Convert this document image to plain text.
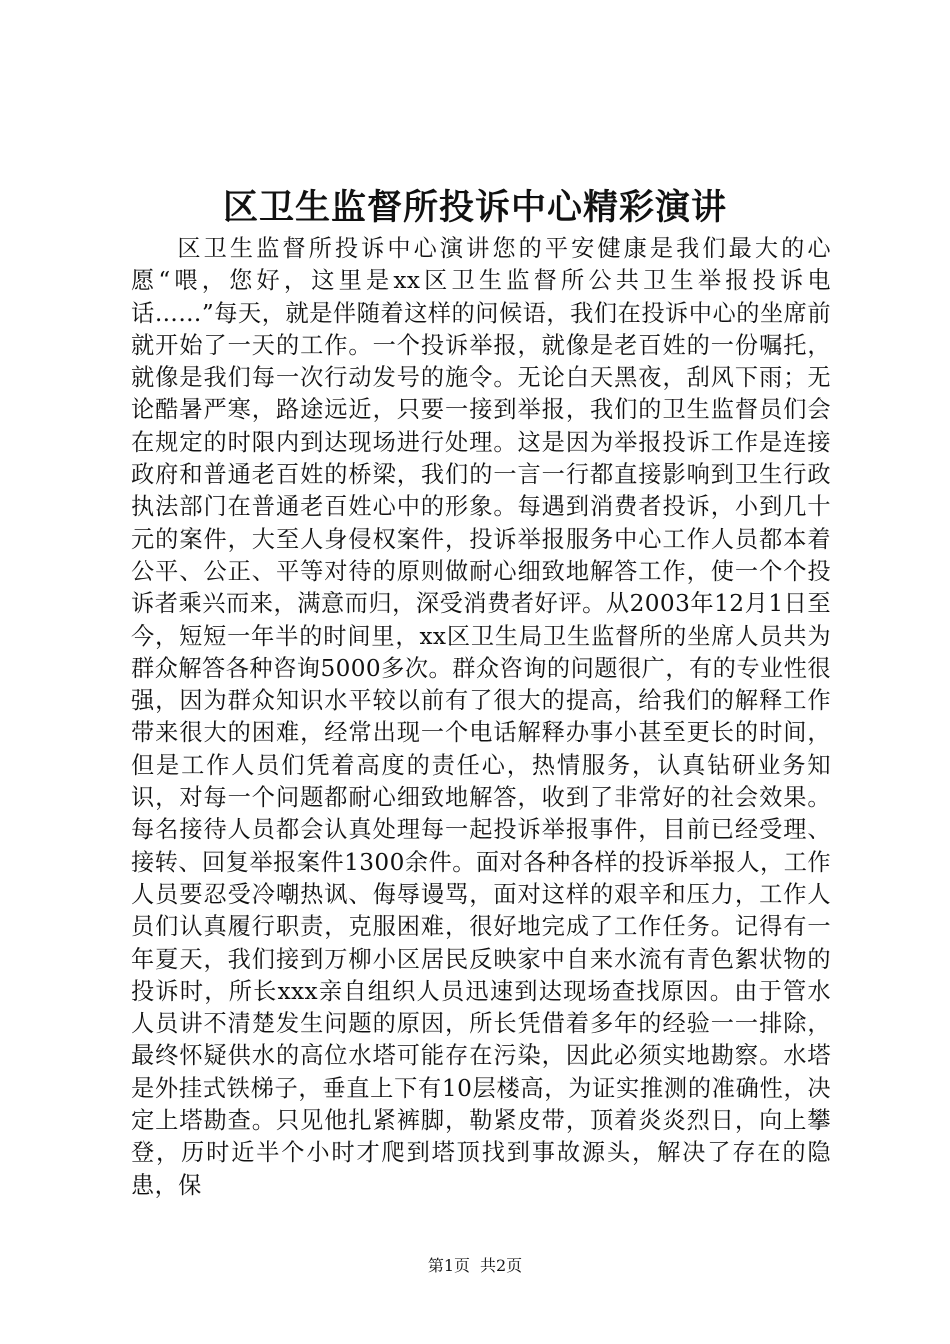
区卫生监督所投诉中心精彩演讲

区卫生监督所投诉中心演讲您的平安健康是我们最大的心愿“喂，您好，这里是xx区卫生监督所公共卫生举报投诉电话……”每天，就是伴随着这样的问候语，我们在投诉中心的坐席前就开始了一天的工作。一个投诉举报，就像是老百姓的一份嘱托，就像是我们每一次行动发号的施令。无论白天黑夜，刮风下雨；无论酷暑严寒，路途远近，只要一接到举报，我们的卫生监督员们会在规定的时限内到达现场进行处理。这是因为举报投诉工作是连接政府和普通老百姓的桥梁，我们的一言一行都直接影响到卫生行政执法部门在普通老百姓心中的形象。每遇到消费者投诉，小到几十元的案件，大至人身侵权案件，投诉举报服务中心工作人员都本着公平、公正、平等对待的原则做耐心细致地解答工作，使一个个投诉者乘兴而来，满意而归，深受消费者好评。从2003年12月1日至今，短短一年半的时间里，xx区卫生局卫生监督所的坐席人员共为群众解答各种咨询5000多次。群众咨询的问题很广，有的专业性很强，因为群众知识水平较以前有了很大的提高，给我们的解释工作带来很大的困难，经常出现一个电话解释办事小甚至更长的时间，但是工作人员们凭着高度的责任心，热情服务，认真钻研业务知识，对每一个问题都耐心细致地解答，收到了非常好的社会效果。每名接待人员都会认真处理每一起投诉举报事件，目前已经受理、接转、回复举报案件1300余件。面对各种各样的投诉举报人，工作人员要忍受冷嘲热讽、侮辱谩骂，面对这样的艰辛和压力，工作人员们认真履行职责，克服困难，很好地完成了工作任务。记得有一年夏天，我们接到万柳小区居民反映家中自来水流有青色絮状物的投诉时，所长xxx亲自组织人员迅速到达现场查找原因。由于管水人员讲不清楚发生问题的原因，所长凭借着多年的经验一一排除，最终怀疑供水的高位水塔可能存在污染，因此必须实地勘察。水塔是外挂式铁梯子，垂直上下有10层楼高，为证实推测的准确性，决定上塔勘查。只见他扎紧裤脚，勒紧皮带，顶着炎炎烈日，向上攀登，历时近半个小时才爬到塔顶找到事故源头，解决了存在的隐患，保

第1页 共2页
